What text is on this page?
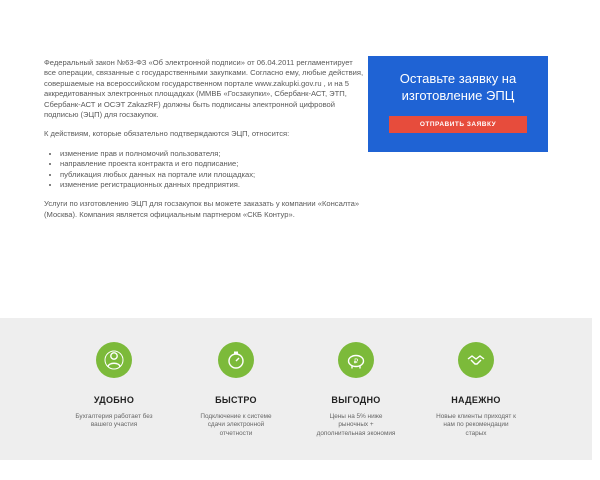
Федеральный закон №63-ФЗ «Об электронной подписи» от 06.04.2011 регламентирует все операции, связанные с государственными закупками. Согласно ему, любые действия, совершаемые на всероссийском государственном портале www.zakupki.gov.ru , и на 5 аккредитованных электронных площадках (ММВБ «Госзакупки», Сбербанк-АСТ, ЭТП, Сбербанк-АСТ и ОСЭТ ZakazRF) должны быть подписаны электронной цифровой подписью (ЭЦП) для госзакупок.

К действиям, которые обязательно подтверждаются ЭЦП, относится:

• изменение прав и полномочий пользователя;
• направление проекта контракта и его подписание;
• публикация любых данных на портале или площадках;
• изменение регистрационных данных предприятия.

Услуги по изготовлению ЭЦП для госзакупок вы можете заказать у компании «Консалта» (Москва). Компания является официальным партнером «СКБ Контур».

Оставьте заявку на изготовление ЭПЦ
ОТПРАВИТЬ ЗАЯВКУ
УДОБНО
Бухгалтерия работает без вашего участия
БЫСТРО
Подключение к системе сдачи электронной отчетности
₽
ВЫГОДНО
Цены на 5% ниже рыночных + дополнительная экономия
НАДЕЖНО
Новые клиенты приходят к нам по рекомендации старых
